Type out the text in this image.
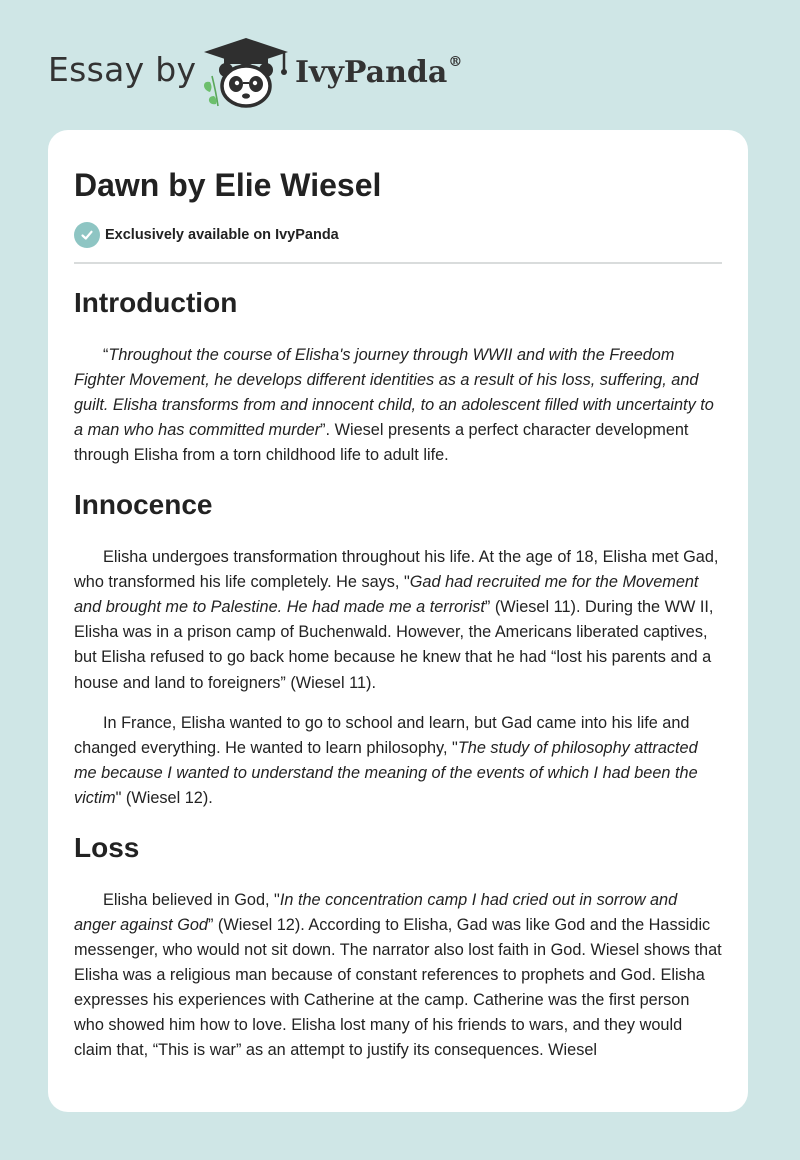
Essay by	IvyPanda®
Dawn by Elie Wiesel
Exclusively available on IvyPanda
Introduction

“Throughout the course of Elisha's journey through WWII and with the Freedom Fighter Movement, he develops different identities as a result of his loss, suffering, and guilt. Elisha transforms from and innocent child, to an adolescent filled with uncertainty to a man who has committed murder”. Wiesel presents a perfect character development through Elisha from a torn childhood life to adult life.

Innocence

Elisha undergoes transformation throughout his life. At the age of 18, Elisha met Gad, who transformed his life completely. He says, "Gad had recruited me for the Movement and brought me to Palestine. He had made me a terrorist” (Wiesel 11). During the WW II, Elisha was in a prison camp of Buchenwald. However, the Americans liberated captives, but Elisha refused to go back home because he knew that he had “lost his parents and a house and land to foreigners” (Wiesel 11).

In France, Elisha wanted to go to school and learn, but Gad came into his life and changed everything. He wanted to learn philosophy, "The study of philosophy attracted me because I wanted to understand the meaning of the events of which I had been the victim" (Wiesel 12).

Loss

Elisha believed in God, "In the concentration camp I had cried out in sorrow and anger against God” (Wiesel 12). According to Elisha, Gad was like God and the Hassidic messenger, who would not sit down. The narrator also lost faith in God. Wiesel shows that Elisha was a religious man because of constant references to prophets and God. Elisha expresses his experiences with Catherine at the camp. Catherine was the first person who showed him how to love. Elisha lost many of his friends to wars, and they would claim that, “This is war” as an attempt to justify its consequences. Wiesel
